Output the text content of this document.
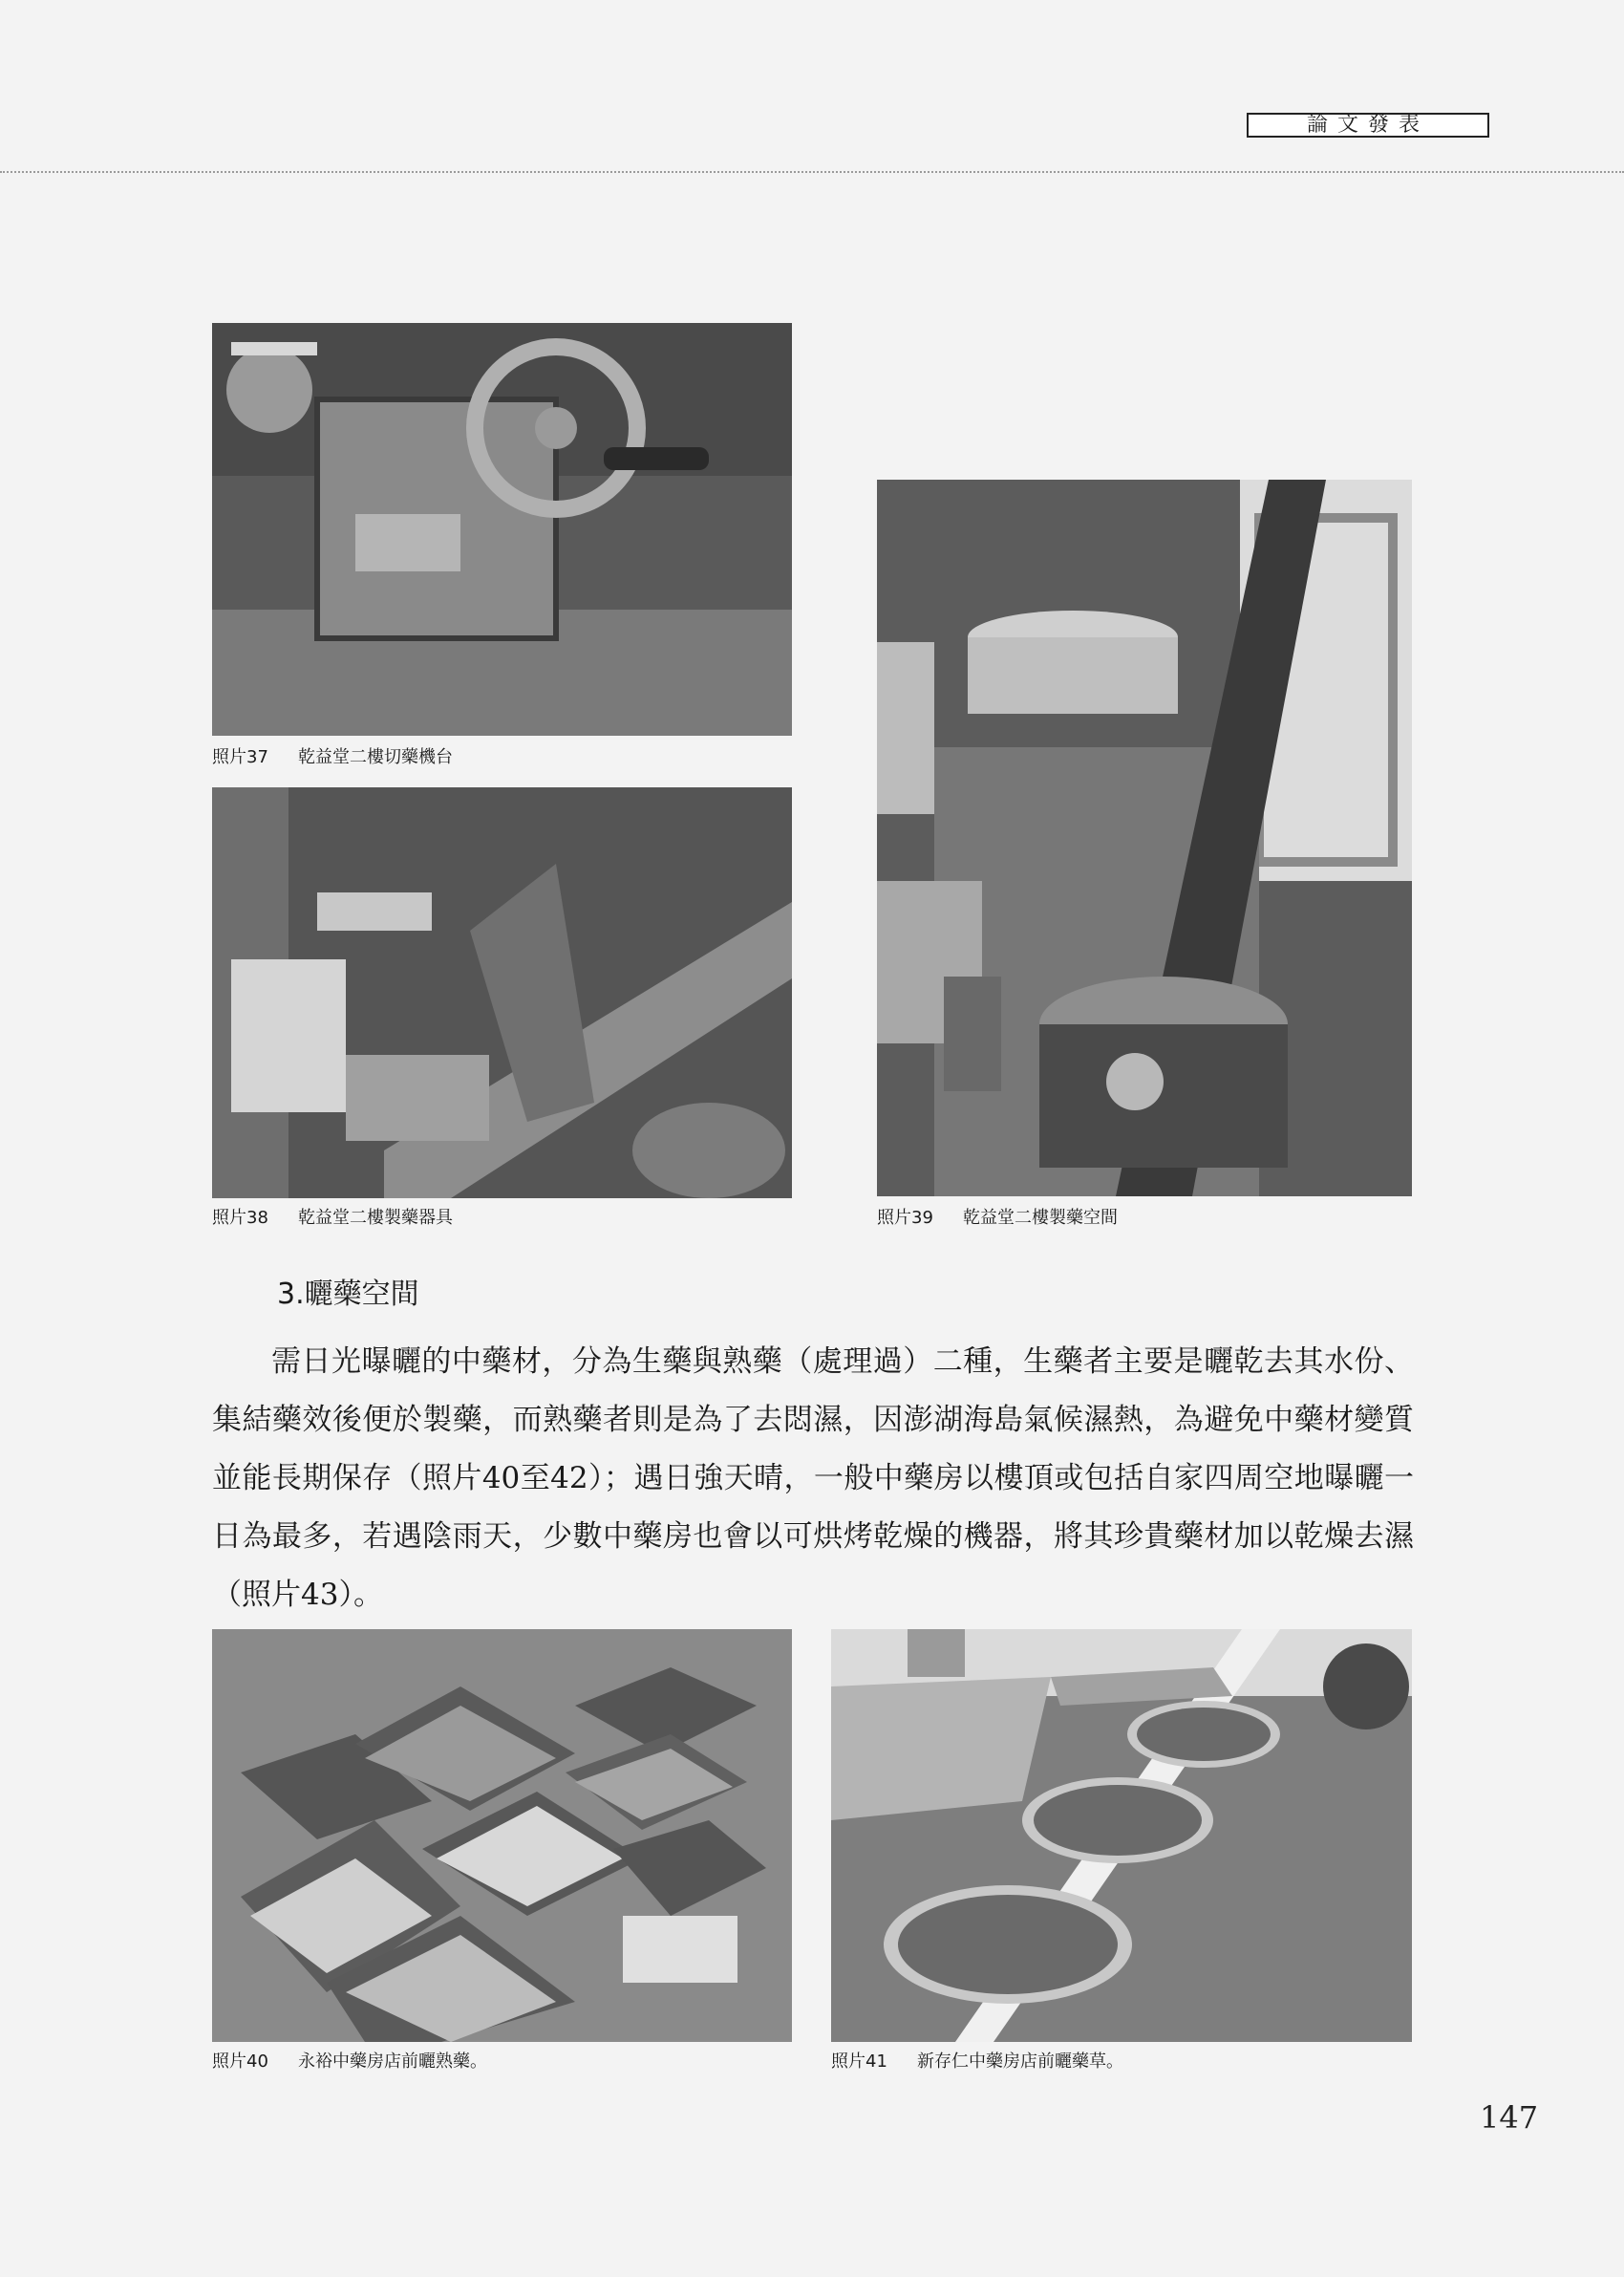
論文發表
照片37 乾益堂二樓切藥機台
照片38 乾益堂二樓製藥器具	照片39 乾益堂二樓製藥空間
3.曬藥空間
需日光曝曬的中藥材，分為生藥與熟藥（處理過）二種，生藥者主要是曬乾去其水份、集結藥效後便於製藥，而熟藥者則是為了去悶濕，因澎湖海島氣候濕熱，為避免中藥材變質並能長期保存（照片40至42）；遇日強天晴，一般中藥房以樓頂或包括自家四周空地曝曬一日為最多，若遇陰雨天，少數中藥房也會以可烘烤乾燥的機器，將其珍貴藥材加以乾燥去濕（照片43）。
照片40 永裕中藥房店前曬熟藥。	照片41 新存仁中藥房店前曬藥草。
147
